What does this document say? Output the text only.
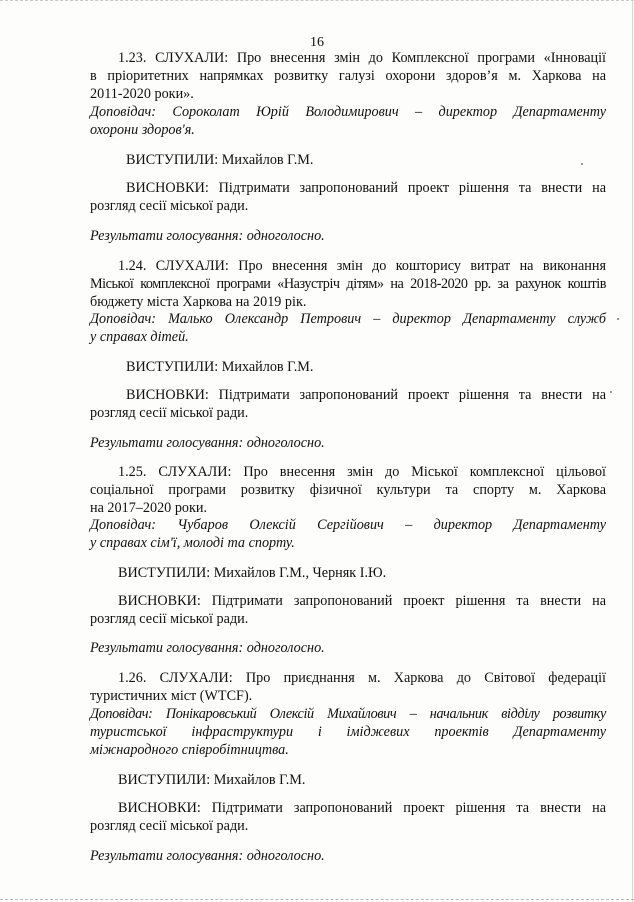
16
1.23. СЛУХАЛИ: Про внесення змін до Комплексної програми «Інновації
в пріоритетних напрямках розвитку галузі охорони здоров’я м. Харкова на
2011-2020 роки».
Доповідач: Сороколат Юрій Володимирович – директор Департаменту
охорони здоров'я.
ВИСТУПИЛИ: Михайлов Г.М.
ВИСНОВКИ: Підтримати запропонований проект рішення та внести на
розгляд сесії міської ради.
Результати голосування: одноголосно.
1.24. СЛУХАЛИ: Про внесення змін до кошторису витрат на виконання
Міської комплексної програми «Назустріч дітям» на 2018-2020 рр. за рахунок коштів
бюджету міста Харкова на 2019 рік.
Доповідач: Малько Олександр Петрович – директор Департаменту служб
у справах дітей.
ВИСТУПИЛИ: Михайлов Г.М.
ВИСНОВКИ: Підтримати запропонований проект рішення та внести на
розгляд сесії міської ради.
Результати голосування: одноголосно.
1.25. СЛУХАЛИ: Про внесення змін до Міської комплексної цільової
соціальної програми розвитку фізичної культури та спорту м. Харкова
на 2017–2020 роки.
Доповідач: Чубаров Олексій Сергійович – директор Департаменту
у справах сім'ї, молоді та спорту.
ВИСТУПИЛИ: Михайлов Г.М., Черняк І.Ю.
ВИСНОВКИ: Підтримати запропонований проект рішення та внести на
розгляд сесії міської ради.
Результати голосування: одноголосно.
1.26. СЛУХАЛИ: Про приєднання м. Харкова до Світової федерації
туристичних міст (WTCF).
Доповідач: Понікаровський Олексій Михайлович – начальник відділу розвитку
туристської інфраструктури і іміджевих проектів Департаменту
міжнародного співробітництва.
ВИСТУПИЛИ: Михайлов Г.М.
ВИСНОВКИ: Підтримати запропонований проект рішення та внести на
розгляд сесії міської ради.
Результати голосування: одноголосно.
